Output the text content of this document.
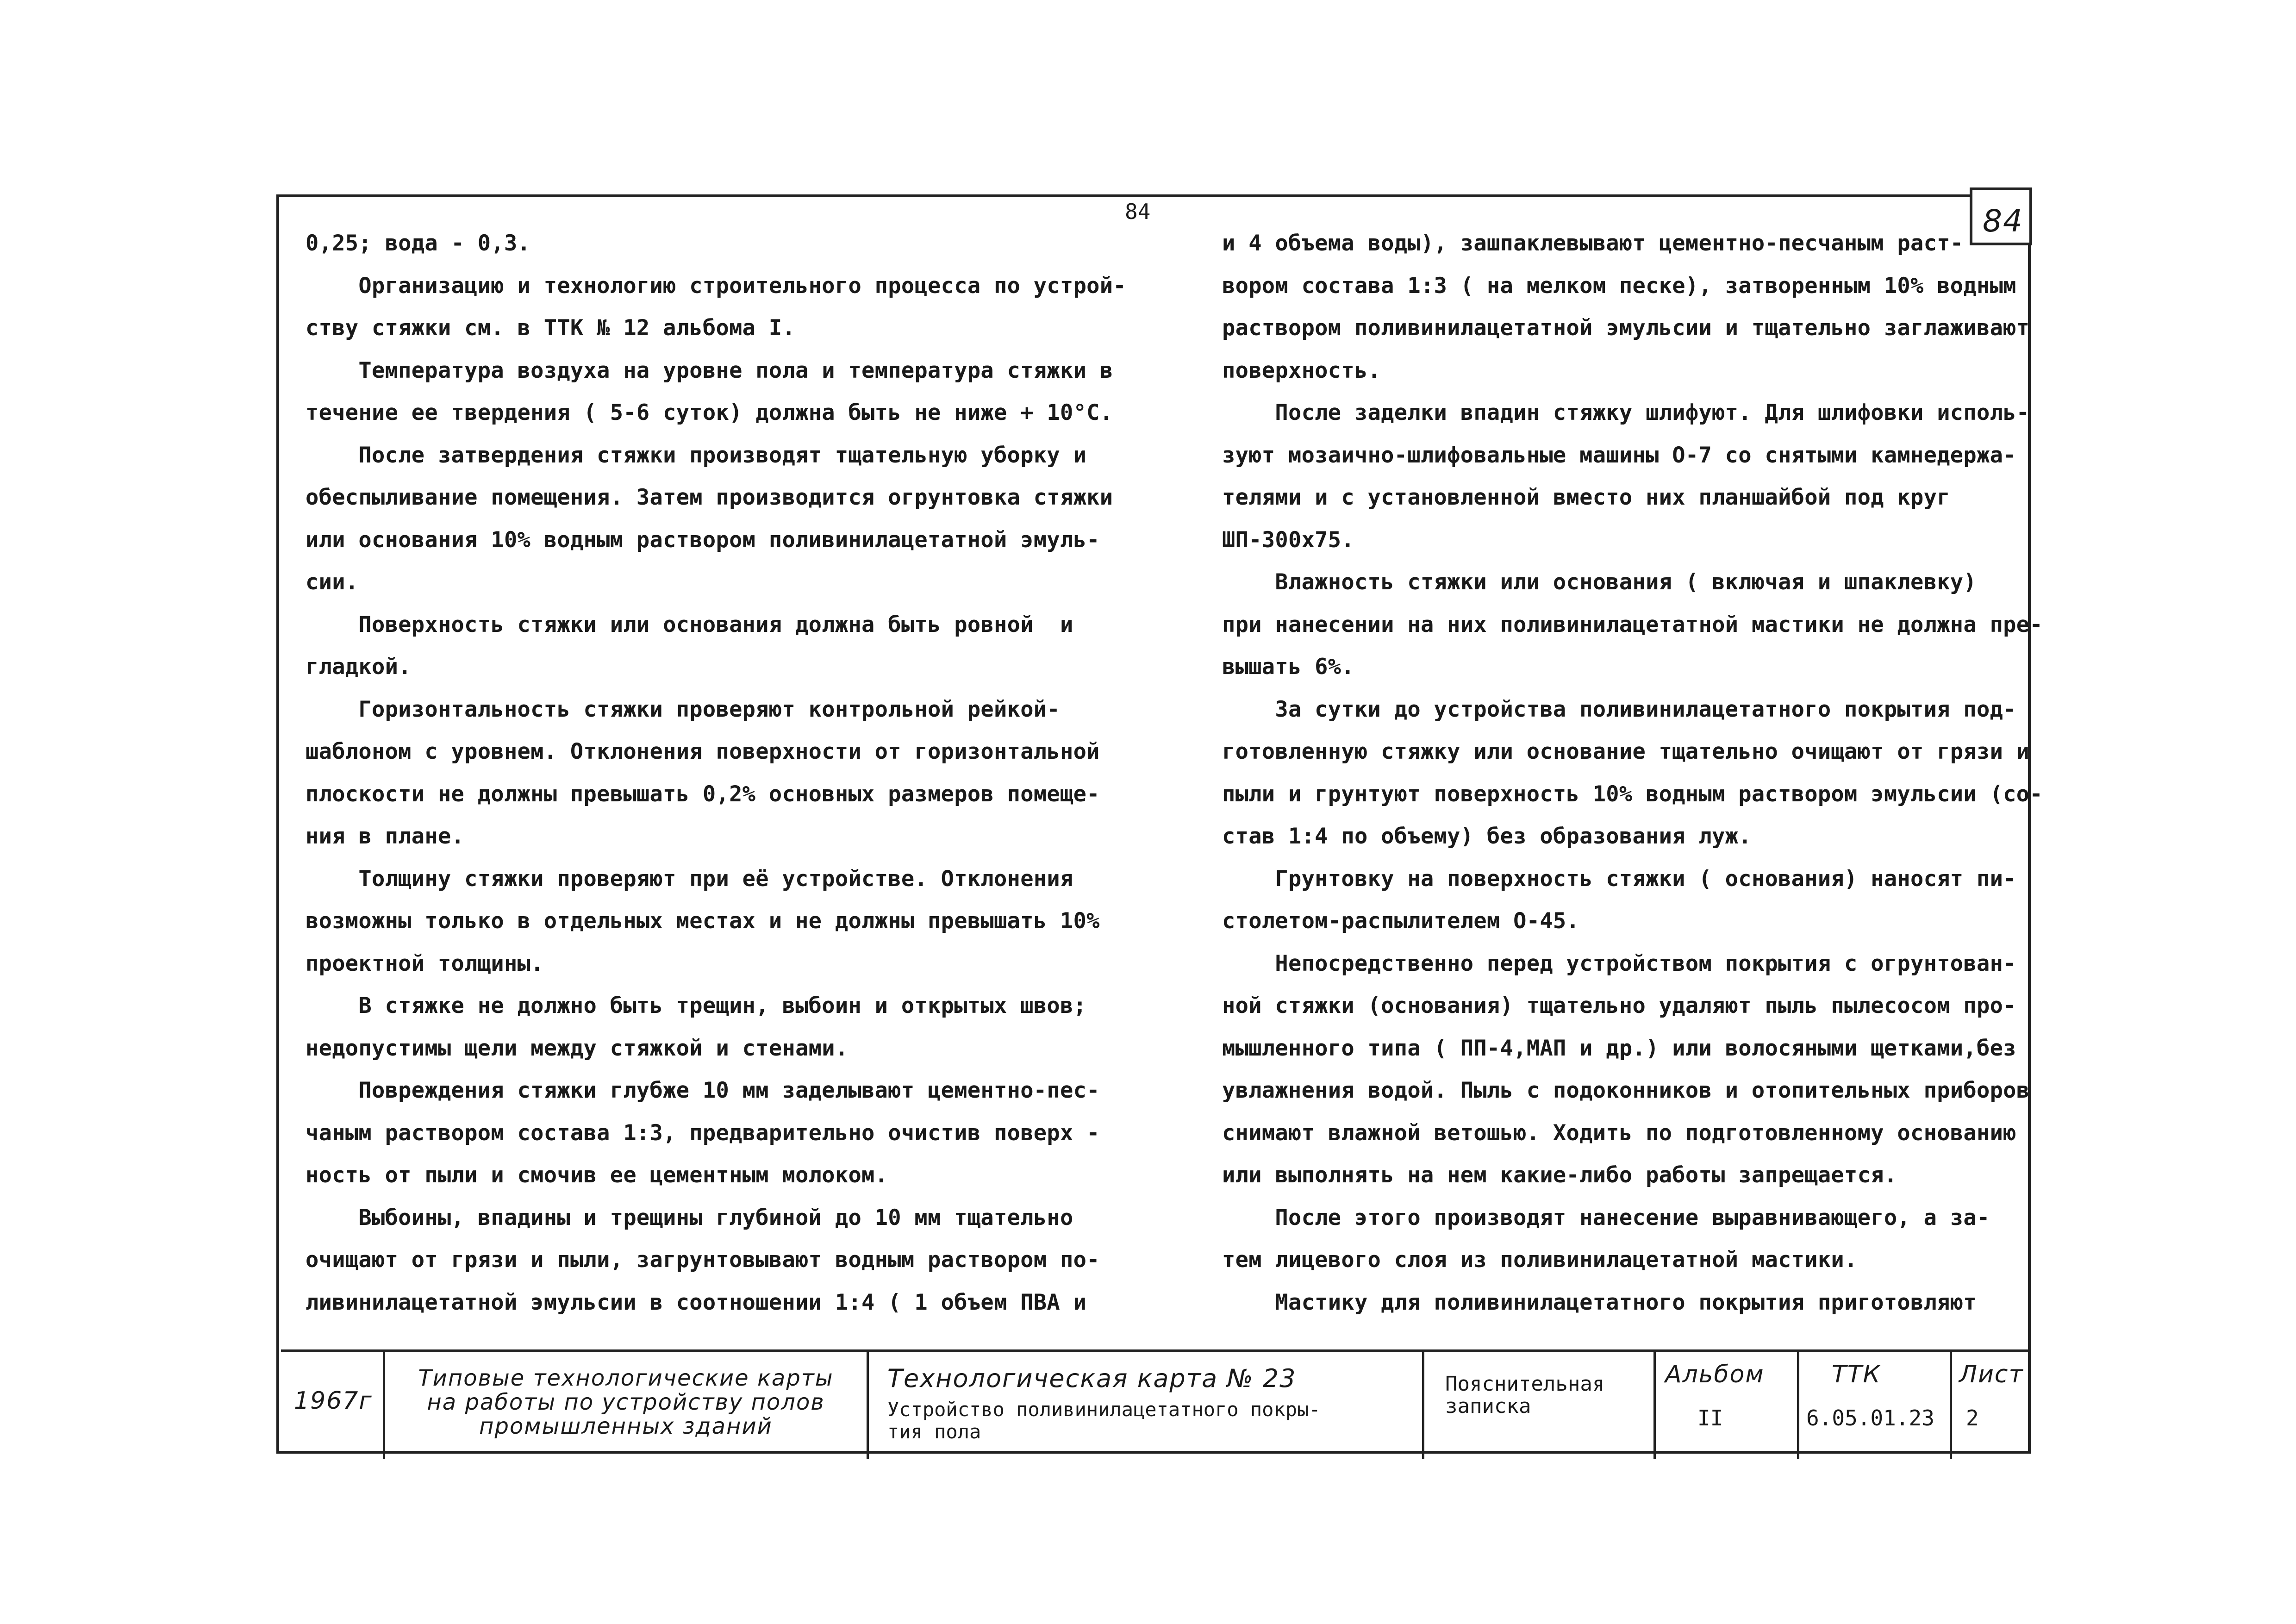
84	84
0,25; вода - 0,3.
Организацию и технологию строительного процесса по устрой-
ству стяжки см. в ТТК № 12 альбома I.
Температура воздуха на уровне пола и температура стяжки в
течение ее твердения ( 5-6 суток) должна быть не ниже + 10°С.
После затвердения стяжки производят тщательную уборку и
обеспыливание помещения. Затем производится огрунтовка стяжки
или основания 10% водным раствором поливинилацетатной эмуль-
сии.
Поверхность стяжки или основания должна быть ровной  и
гладкой.
Горизонтальность стяжки проверяют контрольной рейкой-
шаблоном с уровнем. Отклонения поверхности от горизонтальной
плоскости не должны превышать 0,2% основных размеров помеще-
ния в плане.
Толщину стяжки проверяют при её устройстве. Отклонения
возможны только в отдельных местах и не должны превышать 10%
проектной толщины.
В стяжке не должно быть трещин, выбоин и открытых швов;
недопустимы щели между стяжкой и стенами.
Повреждения стяжки глубже 10 мм заделывают цементно-пес-
чаным раствором состава 1:3, предварительно очистив поверх -
ность от пыли и смочив ее цементным молоком.
Выбоины, впадины и трещины глубиной до 10 мм тщательно
очищают от грязи и пыли, загрунтовывают водным раствором по-
ливинилацетатной эмульсии в соотношении 1:4 ( 1 объем ПВА и
и 4 объема воды), зашпаклевывают цементно-песчаным раст-
вором состава 1:3 ( на мелком песке), затворенным 10% водным
раствором поливинилацетатной эмульсии и тщательно заглаживают
поверхность.
После заделки впадин стяжку шлифуют. Для шлифовки исполь-
зуют мозаично-шлифовальные машины О-7 со снятыми камнедержа-
телями и с установленной вместо них планшайбой под круг
ШП-300х75.
Влажность стяжки или основания ( включая и шпаклевку)
при нанесении на них поливинилацетатной мастики не должна пре-
вышать 6%.
За сутки до устройства поливинилацетатного покрытия под-
готовленную стяжку или основание тщательно очищают от грязи и
пыли и грунтуют поверхность 10% водным раствором эмульсии (со-
став 1:4 по объему) без образования луж.
Грунтовку на поверхность стяжки ( основания) наносят пи-
столетом-распылителем О-45.
Непосредственно перед устройством покрытия с огрунтован-
ной стяжки (основания) тщательно удаляют пыль пылесосом про-
мышленного типа ( ПП-4,МАП и др.) или волосяными щетками,без
увлажнения водой. Пыль с подоконников и отопительных приборов
снимают влажной ветошью. Ходить по подготовленному основанию
или выполнять на нем какие-либо работы запрещается.
После этого производят нанесение выравнивающего, а за-
тем лицевого слоя из поливинилацетатной мастики.
Мастику для поливинилацетатного покрытия приготовляют
1967г
Типовые технологические карты
на работы по устройству полов
промышленных зданий
Технологическая карта № 23
Устройство поливинилацетатного покры-
тия пола
Пояснительная
записка
Альбом
II
ТТК
6.05.01.23
Лист
2
